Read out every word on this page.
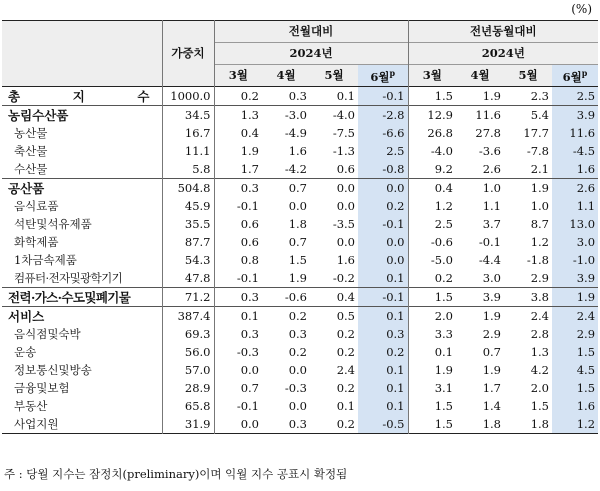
(%)
	가중치	전월대비				전년동월대비			
		2024년				2024년			
		3월	4월	5월	6월$^p$	3월	4월	5월	6월$^p$
총 지 수	1000.0	0.2	0.3	0.1	-0.1	1.5	1.9	2.3	2.5
농림수산품	34.5	1.3	-3.0	-4.0	-2.8	12.9	11.6	5.4	3.9
농산물	16.7	0.4	-4.9	-7.5	-6.6	26.8	27.8	17.7	11.6
축산물	11.1	1.9	1.6	-1.3	2.5	-4.0	-3.6	-7.8	-4.5
수산물	5.8	1.7	-4.2	0.6	-0.8	9.2	2.6	2.1	1.6
공산품	504.8	0.3	0.7	0.0	0.0	0.4	1.0	1.9	2.6
음식료품	45.9	-0.1	0.0	0.0	0.2	1.2	1.1	1.0	1.1
석탄및석유제품	35.5	0.6	1.8	-3.5	-0.1	2.5	3.7	8.7	13.0
화학제품	87.7	0.6	0.7	0.0	0.0	-0.6	-0.1	1.2	3.0
1차금속제품	54.3	0.8	1.5	1.6	0.0	-5.0	-4.4	-1.8	-1.0
컴퓨터·전자및광학기기	47.8	-0.1	1.9	-0.2	0.1	0.2	3.0	2.9	3.9
전력·가스·수도및폐기물	71.2	0.3	-0.6	0.4	-0.1	1.5	3.9	3.8	1.9
서비스	387.4	0.1	0.2	0.5	0.1	2.0	1.9	2.4	2.4
음식점및숙박	69.3	0.3	0.3	0.2	0.3	3.3	2.9	2.8	2.9
운송	56.0	-0.3	0.2	0.2	0.2	0.1	0.7	1.3	1.5
정보통신및방송	57.0	0.0	0.0	2.4	0.1	1.9	1.9	4.2	4.5
금융및보험	28.9	0.7	-0.3	0.2	0.1	3.1	1.7	2.0	1.5
부동산	65.8	-0.1	0.0	0.1	0.1	1.5	1.4	1.5	1.6
사업지원	31.9	0.0	0.3	0.2	-0.5	1.5	1.8	1.8	1.2
주 : 당월 지수는 잠정치(preliminary)이며 익월 지수 공표시 확정됨
